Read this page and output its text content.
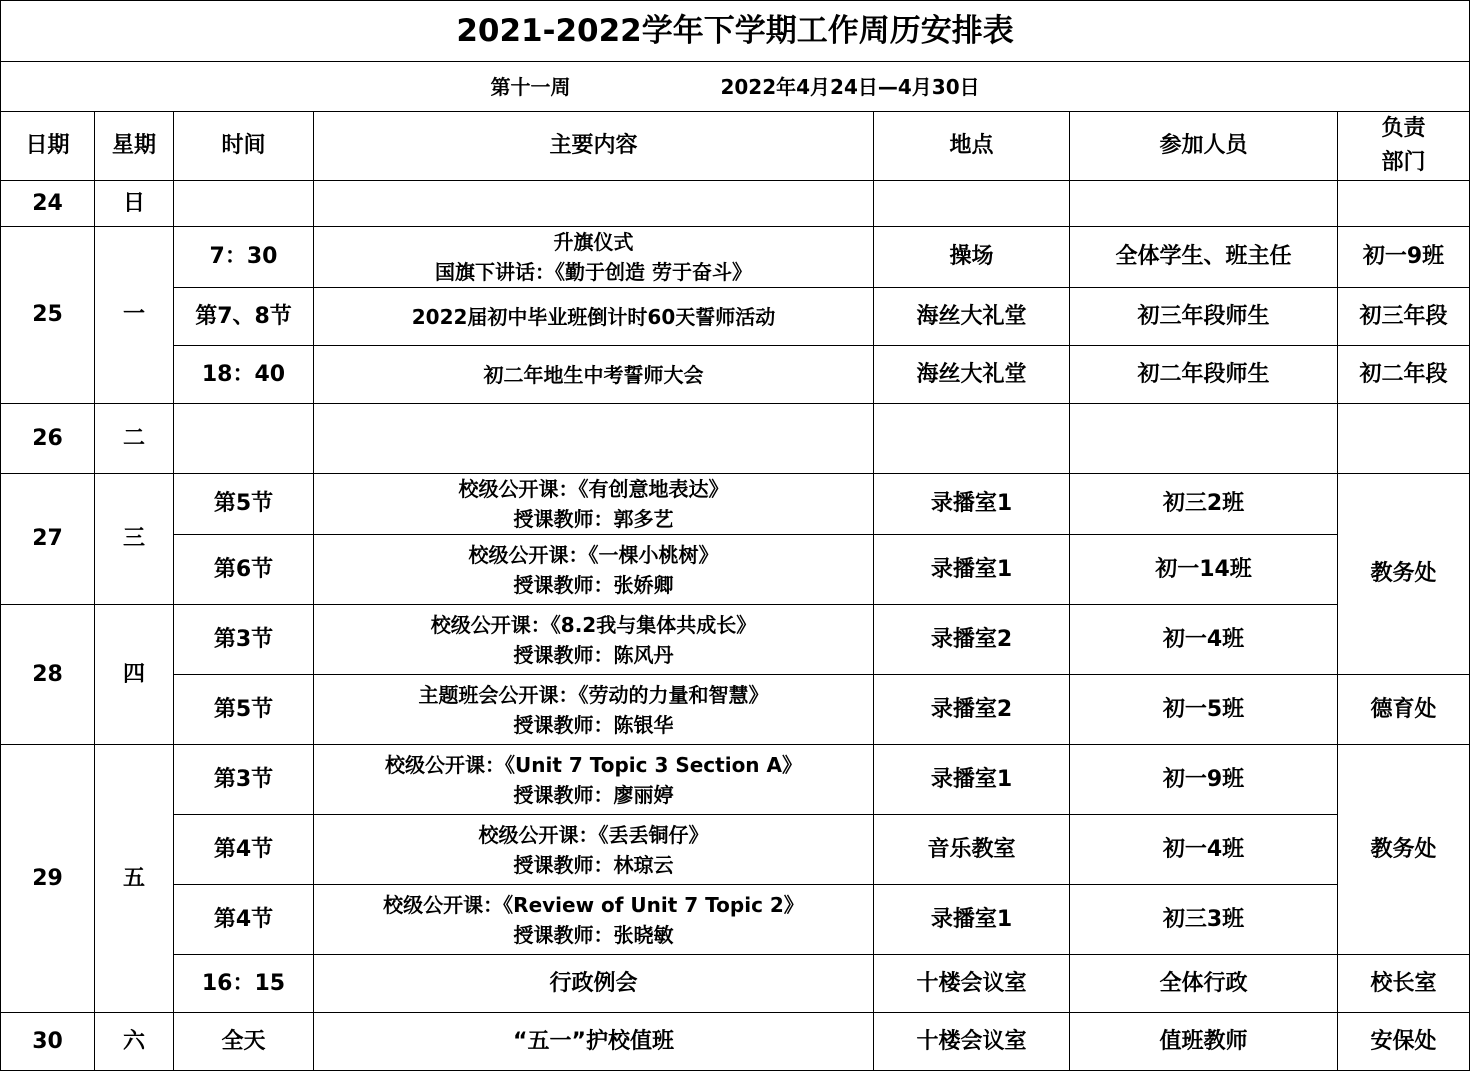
2021-2022学年下学期工作周历安排表						
第十一周 2022年4月24日—4月30日						
日期	星期	时间	主要内容	地点	参加人员	负责
部门

24	日					
25	一	7：30	升旗仪式
国旗下讲话：《勤于创造 劳于奋斗》	操场	全体学生、班主任	初一9班
		第7、8节	2022届初中毕业班倒计时60天誓师活动	海丝大礼堂	初三年段师生	初三年段
		18：40	初二年地生中考誓师大会	海丝大礼堂	初二年段师生	初二年段
26	二					
27	三	第5节	校级公开课：《有创意地表达》
授课教师：郭多艺	录播室1	初三2班	教务处
		第6节	校级公开课：《一棵小桃树》
授课教师：张娇卿	录播室1	初一14班	
28	四	第3节	校级公开课：《8.2我与集体共成长》
授课教师：陈风丹	录播室2	初一4班	
		第5节	主题班会公开课：《劳动的力量和智慧》
授课教师：陈银华	录播室2	初一5班	德育处
29	五	第3节	校级公开课：《Unit 7 Topic 3 Section A》
授课教师：廖丽婷	录播室1	初一9班	教务处
		第4节	校级公开课：《丢丢铜仔》
授课教师：林琼云	音乐教室	初一4班	
		第4节	校级公开课：《Review of Unit 7 Topic 2》
授课教师：张晓敏	录播室1	初三3班	
		16：15	行政例会	十楼会议室	全体行政	校长室
30	六	全天	“五一”护校值班	十楼会议室	值班教师	安保处
